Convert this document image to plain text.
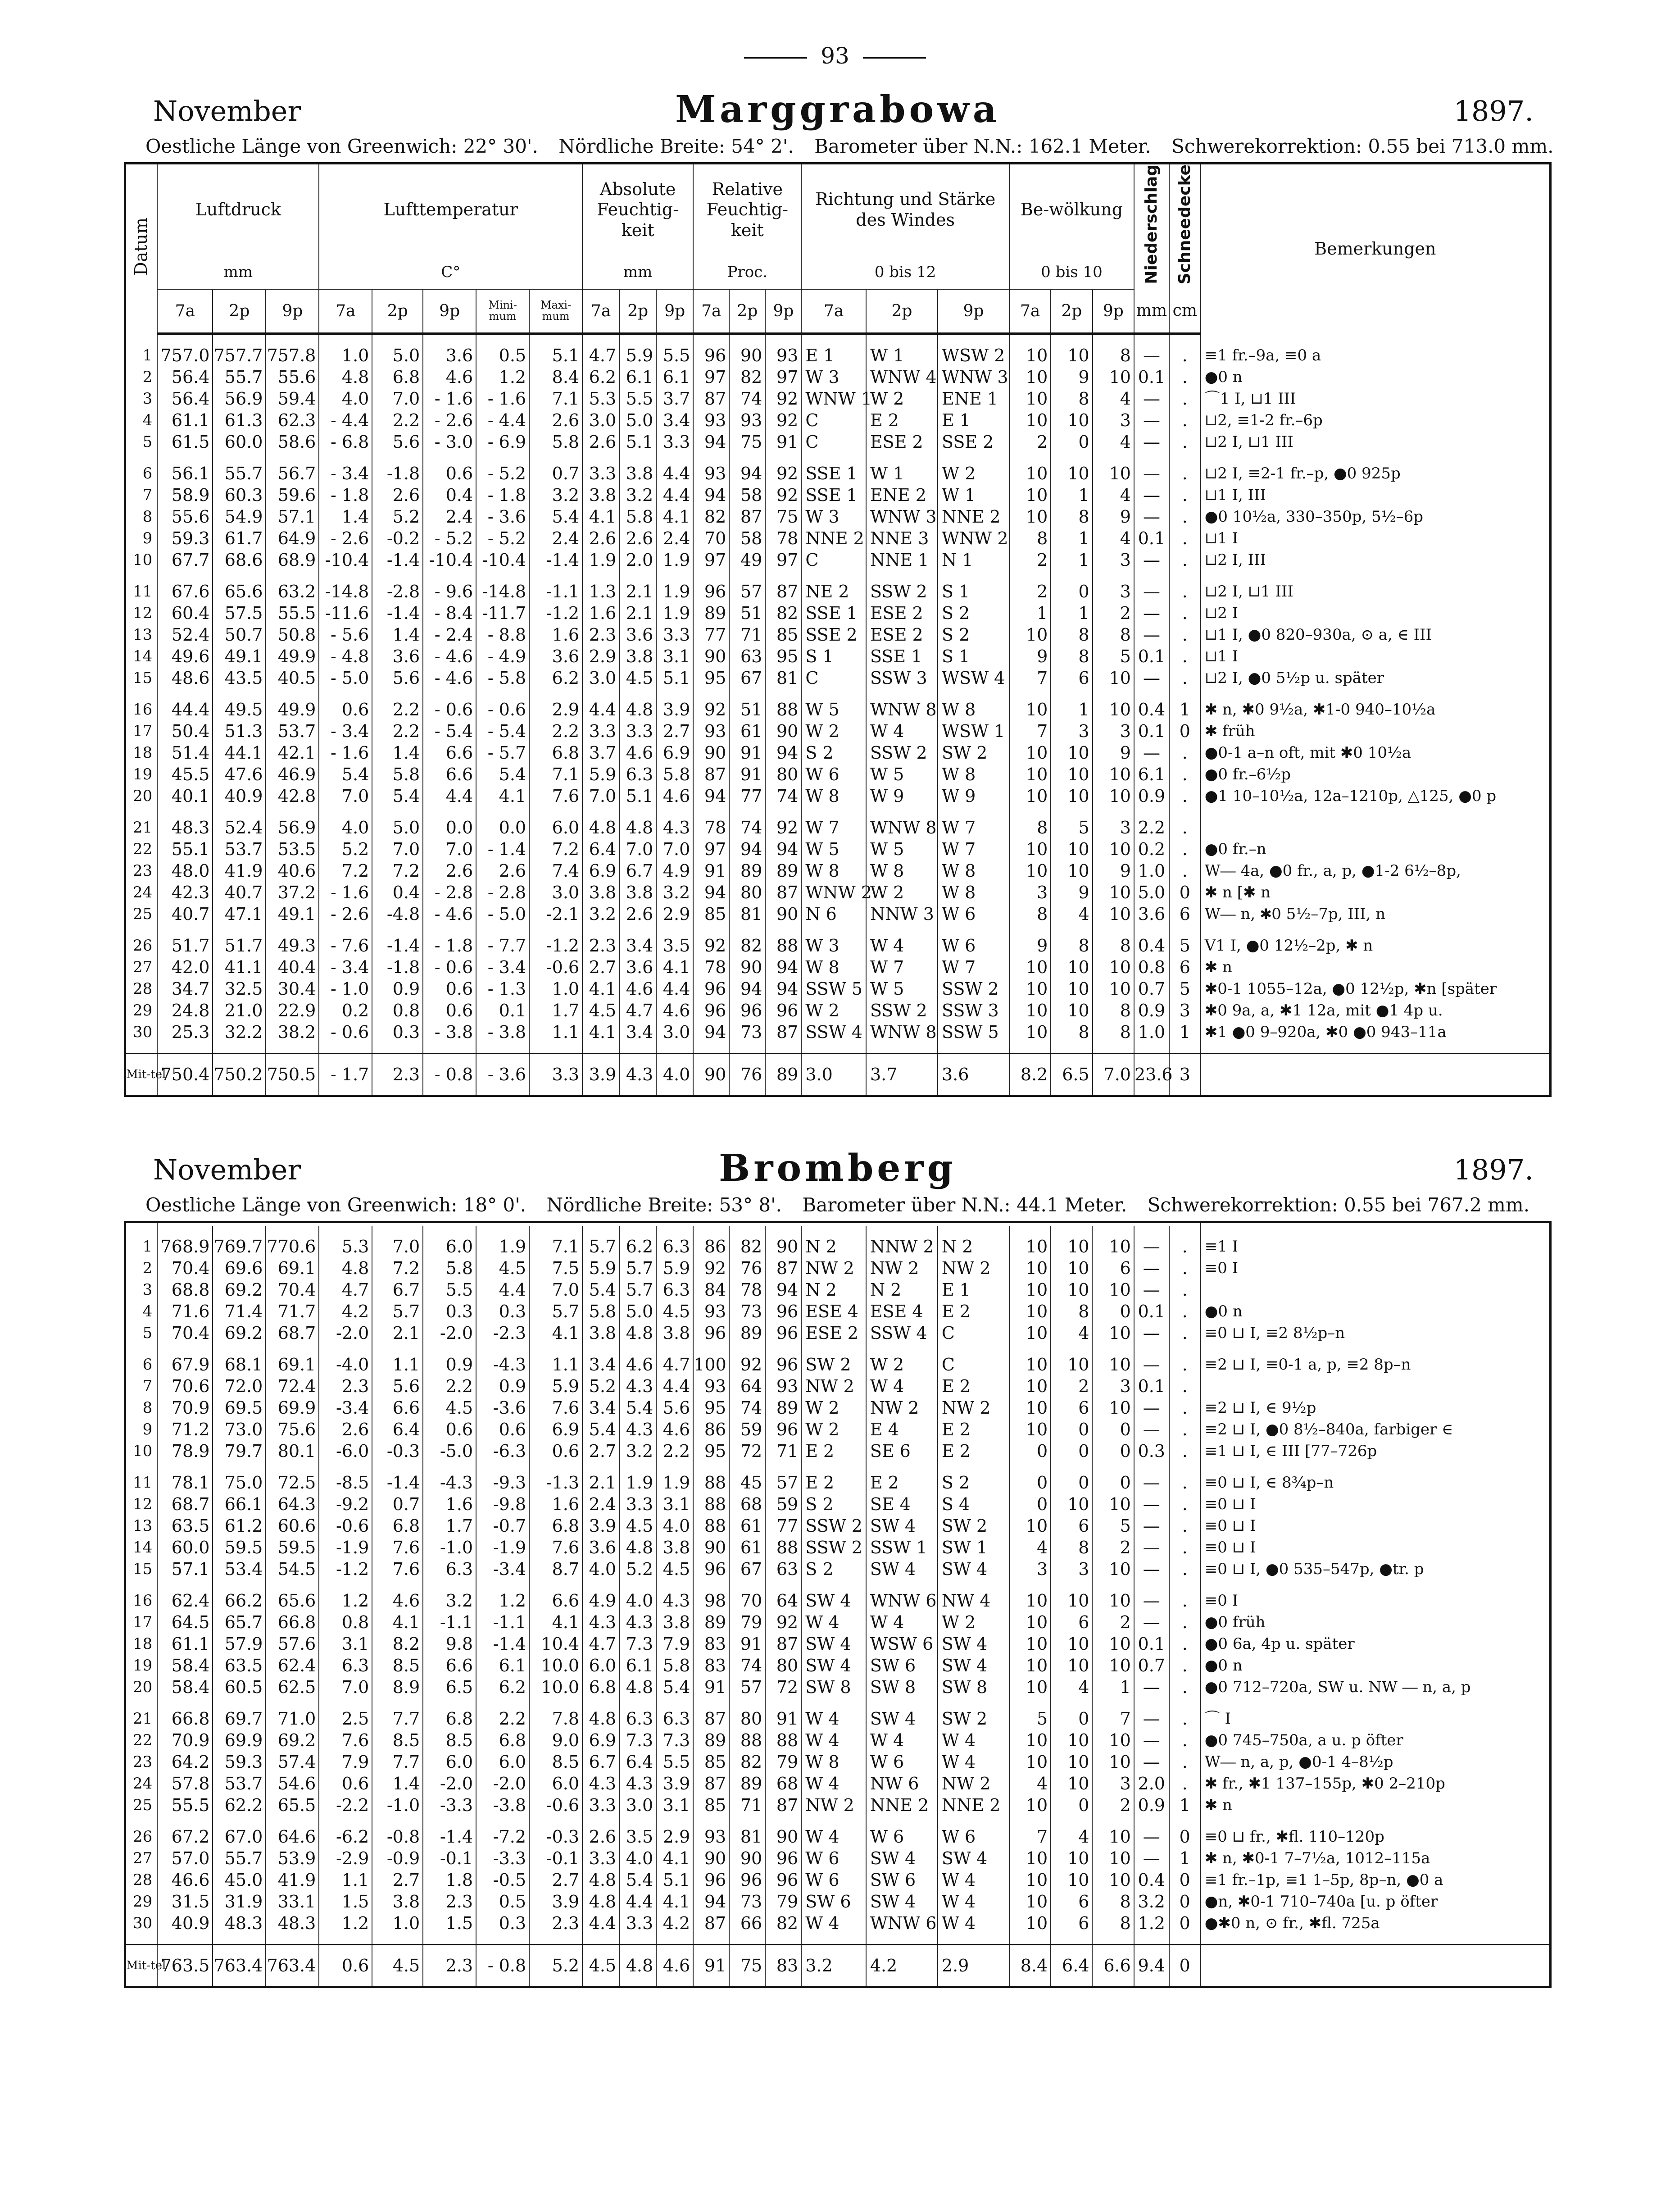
93
November	Marggrabowa	1897.
Oestliche Länge von Greenwich: 22° 30'. Nördliche Breite: 54° 2'. Barometer über N.N.: 162.1 Meter. Schwerekorrektion: 0.55 bei 713.0 mm.
Datum	Luftdruck			Lufttemperatur					Absolute Feuchtig-keit			Relative Feuchtig-keit			Richtung und Stärke des Windes			Be-wölkung			Niederschlag	Schneedecke	Bemerkungen
	mm			C°					mm			Proc.			0 bis 12			0 bis 10					
	7a	2p	9p	7a	2p	9p	Mini-mum	Maxi-mum	7a	2p	9p	7a	2p	9p	7a	2p	9p	7a	2p	9p	mm	cm	

1	757.0	757.7	757.8	1.0	5.0	3.6	0.5	5.1	4.7	5.9	5.5	96	90	93	E 1	W 1	WSW 2	10	10	8	—	.	≡1 fr.–9a, ≡0 a
2	56.4	55.7	55.6	4.8	6.8	4.6	1.2	8.4	6.2	6.1	6.1	97	82	97	W 3	WNW 4	WNW 3	10	9	10	0.1	.	●0 n
3	56.4	56.9	59.4	4.0	7.0	- 1.6	- 1.6	7.1	5.3	5.5	3.7	87	74	92	WNW 1	W 2	ENE 1	10	8	4	—	.	⌒1 I, ⊔1 III
4	61.1	61.3	62.3	- 4.4	2.2	- 2.6	- 4.4	2.6	3.0	5.0	3.4	93	93	92	C	E 2	E 1	10	10	3	—	.	⊔2, ≡1-2 fr.–6p
5	61.5	60.0	58.6	- 6.8	5.6	- 3.0	- 6.9	5.8	2.6	5.1	3.3	94	75	91	C	ESE 2	SSE 2	2	0	4	—	.	⊔2 I, ⊔1 III

6	56.1	55.7	56.7	- 3.4	-1.8	0.6	- 5.2	0.7	3.3	3.8	4.4	93	94	92	SSE 1	W 1	W 2	10	10	10	—	.	⊔2 I, ≡2-1 fr.–p, ●0 925p
7	58.9	60.3	59.6	- 1.8	2.6	0.4	- 1.8	3.2	3.8	3.2	4.4	94	58	92	SSE 1	ENE 2	W 1	10	1	4	—	.	⊔1 I, III
8	55.6	54.9	57.1	1.4	5.2	2.4	- 3.6	5.4	4.1	5.8	4.1	82	87	75	W 3	WNW 3	NNE 2	10	8	9	—	.	●0 10½a, 330–350p, 5½–6p
9	59.3	61.7	64.9	- 2.6	-0.2	- 5.2	- 5.2	2.4	2.6	2.6	2.4	70	58	78	NNE 2	NNE 3	WNW 2	8	1	4	0.1	.	⊔1 I
10	67.7	68.6	68.9	-10.4	-1.4	-10.4	-10.4	-1.4	1.9	2.0	1.9	97	49	97	C	NNE 1	N 1	2	1	3	—	.	⊔2 I, III

11	67.6	65.6	63.2	-14.8	-2.8	- 9.6	-14.8	-1.1	1.3	2.1	1.9	96	57	87	NE 2	SSW 2	S 1	2	0	3	—	.	⊔2 I, ⊔1 III
12	60.4	57.5	55.5	-11.6	-1.4	- 8.4	-11.7	-1.2	1.6	2.1	1.9	89	51	82	SSE 1	ESE 2	S 2	1	1	2	—	.	⊔2 I
13	52.4	50.7	50.8	- 5.6	1.4	- 2.4	- 8.8	1.6	2.3	3.6	3.3	77	71	85	SSE 2	ESE 2	S 2	10	8	8	—	.	⊔1 I, ●0 820–930a, ⊙ a, ∈ III
14	49.6	49.1	49.9	- 4.8	3.6	- 4.6	- 4.9	3.6	2.9	3.8	3.1	90	63	95	S 1	SSE 1	S 1	9	8	5	0.1	.	⊔1 I
15	48.6	43.5	40.5	- 5.0	5.6	- 4.6	- 5.8	6.2	3.0	4.5	5.1	95	67	81	C	SSW 3	WSW 4	7	6	10	—	.	⊔2 I, ●0 5½p u. später

16	44.4	49.5	49.9	0.6	2.2	- 0.6	- 0.6	2.9	4.4	4.8	3.9	92	51	88	W 5	WNW 8	W 8	10	1	10	0.4	1	✱ n, ✱0 9½a, ✱1-0 940–10½a
17	50.4	51.3	53.7	- 3.4	2.2	- 5.4	- 5.4	2.2	3.3	3.3	2.7	93	61	90	W 2	W 4	WSW 1	7	3	3	0.1	0	✱ früh
18	51.4	44.1	42.1	- 1.6	1.4	6.6	- 5.7	6.8	3.7	4.6	6.9	90	91	94	S 2	SSW 2	SW 2	10	10	9	—	.	●0-1 a–n oft, mit ✱0 10½a
19	45.5	47.6	46.9	5.4	5.8	6.6	5.4	7.1	5.9	6.3	5.8	87	91	80	W 6	W 5	W 8	10	10	10	6.1	.	●0 fr.–6½p
20	40.1	40.9	42.8	7.0	5.4	4.4	4.1	7.6	7.0	5.1	4.6	94	77	74	W 8	W 9	W 9	10	10	10	0.9	.	●1 10–10½a, 12a–1210p, △125, ●0 p

21	48.3	52.4	56.9	4.0	5.0	0.0	0.0	6.0	4.8	4.8	4.3	78	74	92	W 7	WNW 8	W 7	8	5	3	2.2	.	
22	55.1	53.7	53.5	5.2	7.0	7.0	- 1.4	7.2	6.4	7.0	7.0	97	94	94	W 5	W 5	W 7	10	10	10	0.2	.	●0 fr.–n
23	48.0	41.9	40.6	7.2	7.2	2.6	2.6	7.4	6.9	6.7	4.9	91	89	89	W 8	W 8	W 8	10	10	9	1.0	.	W⎯⎯ 4a, ●0 fr., a, p, ●1-2 6½–8p,
24	42.3	40.7	37.2	- 1.6	0.4	- 2.8	- 2.8	3.0	3.8	3.8	3.2	94	80	87	WNW 2	W 2	W 8	3	9	10	5.0	0	✱ n [✱ n
25	40.7	47.1	49.1	- 2.6	-4.8	- 4.6	- 5.0	-2.1	3.2	2.6	2.9	85	81	90	N 6	NNW 3	W 6	8	4	10	3.6	6	W⎯⎯ n, ✱0 5½–7p, III, n

26	51.7	51.7	49.3	- 7.6	-1.4	- 1.8	- 7.7	-1.2	2.3	3.4	3.5	92	82	88	W 3	W 4	W 6	9	8	8	0.4	5	V1 I, ●0 12½–2p, ✱ n
27	42.0	41.1	40.4	- 3.4	-1.8	- 0.6	- 3.4	-0.6	2.7	3.6	4.1	78	90	94	W 8	W 7	W 7	10	10	10	0.8	6	✱ n
28	34.7	32.5	30.4	- 1.0	0.9	0.6	- 1.3	1.0	4.1	4.6	4.4	96	94	94	SSW 5	W 5	SSW 2	10	10	10	0.7	5	✱0-1 1055–12a, ●0 12½p, ✱n [später
29	24.8	21.0	22.9	0.2	0.8	0.6	0.1	1.7	4.5	4.7	4.6	96	96	96	W 2	SSW 2	SSW 3	10	10	8	0.9	3	✱0 9a, a, ✱1 12a, mit ●1 4p u.
30	25.3	32.2	38.2	- 0.6	0.3	- 3.8	- 3.8	1.1	4.1	3.4	3.0	94	73	87	SSW 4	WNW 8	SSW 5	10	8	8	1.0	1	✱1 ●0 9–920a, ✱0 ●0 943–11a

Mit-tel	750.4	750.2	750.5	- 1.7	2.3	- 0.8	- 3.6	3.3	3.9	4.3	4.0	90	76	89	3.0	3.7	3.6	8.2	6.5	7.0	23.6	3	
November	Bromberg	1897.
Oestliche Länge von Greenwich: 18° 0'. Nördliche Breite: 53° 8'. Barometer über N.N.: 44.1 Meter. Schwerekorrektion: 0.55 bei 767.2 mm.

1	768.9	769.7	770.6	5.3	7.0	6.0	1.9	7.1	5.7	6.2	6.3	86	82	90	N 2	NNW 2	N 2	10	10	10	—	.	≡1 I
2	70.4	69.6	69.1	4.8	7.2	5.8	4.5	7.5	5.9	5.7	5.9	92	76	87	NW 2	NW 2	NW 2	10	10	6	—	.	≡0 I
3	68.8	69.2	70.4	4.7	6.7	5.5	4.4	7.0	5.4	5.7	6.3	84	78	94	N 2	N 2	E 1	10	10	10	—	.	
4	71.6	71.4	71.7	4.2	5.7	0.3	0.3	5.7	5.8	5.0	4.5	93	73	96	ESE 4	ESE 4	E 2	10	8	0	0.1	.	●0 n
5	70.4	69.2	68.7	-2.0	2.1	-2.0	-2.3	4.1	3.8	4.8	3.8	96	89	96	ESE 2	SSW 4	C	10	4	10	—	.	≡0 ⊔ I, ≡2 8½p–n

6	67.9	68.1	69.1	-4.0	1.1	0.9	-4.3	1.1	3.4	4.6	4.7	100	92	96	SW 2	W 2	C	10	10	10	—	.	≡2 ⊔ I, ≡0-1 a, p, ≡2 8p–n
7	70.6	72.0	72.4	2.3	5.6	2.2	0.9	5.9	5.2	4.3	4.4	93	64	93	NW 2	W 4	E 2	10	2	3	0.1	.	
8	70.9	69.5	69.9	-3.4	6.6	4.5	-3.6	7.6	3.4	5.4	5.6	95	74	89	W 2	NW 2	NW 2	10	6	10	—	.	≡2 ⊔ I, ∈ 9½p
9	71.2	73.0	75.6	2.6	6.4	0.6	0.6	6.9	5.4	4.3	4.6	86	59	96	W 2	E 4	E 2	10	0	0	—	.	≡2 ⊔ I, ●0 8½–840a, farbiger ∈
10	78.9	79.7	80.1	-6.0	-0.3	-5.0	-6.3	0.6	2.7	3.2	2.2	95	72	71	E 2	SE 6	E 2	0	0	0	0.3	.	≡1 ⊔ I, ∈ III [77–726p

11	78.1	75.0	72.5	-8.5	-1.4	-4.3	-9.3	-1.3	2.1	1.9	1.9	88	45	57	E 2	E 2	S 2	0	0	0	—	.	≡0 ⊔ I, ∈ 8¾p–n
12	68.7	66.1	64.3	-9.2	0.7	1.6	-9.8	1.6	2.4	3.3	3.1	88	68	59	S 2	SE 4	S 4	0	10	10	—	.	≡0 ⊔ I
13	63.5	61.2	60.6	-0.6	6.8	1.7	-0.7	6.8	3.9	4.5	4.0	88	61	77	SSW 2	SW 4	SW 2	10	6	5	—	.	≡0 ⊔ I
14	60.0	59.5	59.5	-1.9	7.6	-1.0	-1.9	7.6	3.6	4.8	3.8	90	61	88	SSW 2	SSW 1	SW 1	4	8	2	—	.	≡0 ⊔ I
15	57.1	53.4	54.5	-1.2	7.6	6.3	-3.4	8.7	4.0	5.2	4.5	96	67	63	S 2	SW 4	SW 4	3	3	10	—	.	≡0 ⊔ I, ●0 535–547p, ●tr. p

16	62.4	66.2	65.6	1.2	4.6	3.2	1.2	6.6	4.9	4.0	4.3	98	70	64	SW 4	WNW 6	NW 4	10	10	10	—	.	≡0 I
17	64.5	65.7	66.8	0.8	4.1	-1.1	-1.1	4.1	4.3	4.3	3.8	89	79	92	W 4	W 4	W 2	10	6	2	—	.	●0 früh
18	61.1	57.9	57.6	3.1	8.2	9.8	-1.4	10.4	4.7	7.3	7.9	83	91	87	SW 4	WSW 6	SW 4	10	10	10	0.1	.	●0 6a, 4p u. später
19	58.4	63.5	62.4	6.3	8.5	6.6	6.1	10.0	6.0	6.1	5.8	83	74	80	SW 4	SW 6	SW 4	10	10	10	0.7	.	●0 n
20	58.4	60.5	62.5	7.0	8.9	6.5	6.2	10.0	6.8	4.8	5.4	91	57	72	SW 8	SW 8	SW 8	10	4	1	—	.	●0 712–720a, SW u. NW ⎯⎯ n, a, p

21	66.8	69.7	71.0	2.5	7.7	6.8	2.2	7.8	4.8	6.3	6.3	87	80	91	W 4	SW 4	SW 2	5	0	7	—	.	⌒ I
22	70.9	69.9	69.2	7.6	8.5	8.5	6.8	9.0	6.9	7.3	7.3	89	88	88	W 4	W 4	W 4	10	10	10	—	.	●0 745–750a, a u. p öfter
23	64.2	59.3	57.4	7.9	7.7	6.0	6.0	8.5	6.7	6.4	5.5	85	82	79	W 8	W 6	W 4	10	10	10	—	.	W⎯⎯ n, a, p, ●0-1 4–8½p
24	57.8	53.7	54.6	0.6	1.4	-2.0	-2.0	6.0	4.3	4.3	3.9	87	89	68	W 4	NW 6	NW 2	4	10	3	2.0	.	✱ fr., ✱1 137–155p, ✱0 2–210p
25	55.5	62.2	65.5	-2.2	-1.0	-3.3	-3.8	-0.6	3.3	3.0	3.1	85	71	87	NW 2	NNE 2	NNE 2	10	0	2	0.9	1	✱ n

26	67.2	67.0	64.6	-6.2	-0.8	-1.4	-7.2	-0.3	2.6	3.5	2.9	93	81	90	W 4	W 6	W 6	7	4	10	—	0	≡0 ⊔ fr., ✱fl. 110–120p
27	57.0	55.7	53.9	-2.9	-0.9	-0.1	-3.3	-0.1	3.3	4.0	4.1	90	90	96	W 6	SW 4	SW 4	10	10	10	—	1	✱ n, ✱0-1 7–7½a, 1012–115a
28	46.6	45.0	41.9	1.1	2.7	1.8	-0.5	2.7	4.8	5.4	5.1	96	96	96	W 6	SW 6	W 4	10	10	10	0.4	0	≡1 fr.–1p, ≡1 1–5p, 8p–n, ●0 a
29	31.5	31.9	33.1	1.5	3.8	2.3	0.5	3.9	4.8	4.4	4.1	94	73	79	SW 6	SW 4	W 4	10	6	8	3.2	0	●n, ✱0-1 710–740a [u. p öfter
30	40.9	48.3	48.3	1.2	1.0	1.5	0.3	2.3	4.4	3.3	4.2	87	66	82	W 4	WNW 6	W 4	10	6	8	1.2	0	●✱0 n, ⊙ fr., ✱fl. 725a

Mit-tel	763.5	763.4	763.4	0.6	4.5	2.3	- 0.8	5.2	4.5	4.8	4.6	91	75	83	3.2	4.2	2.9	8.4	6.4	6.6	9.4	0	
